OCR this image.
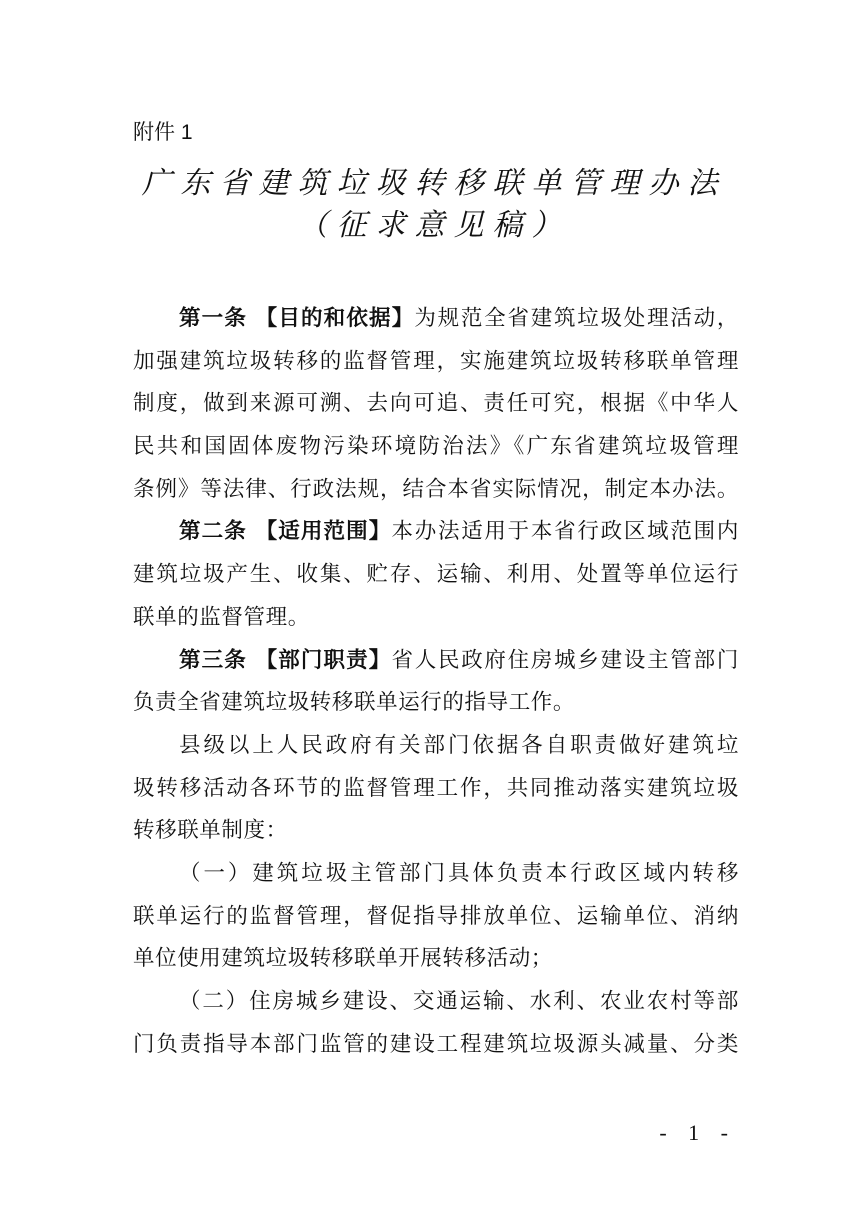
附件 1
广东省建筑垃圾转移联单管理办法
（征求意见稿）
第一条 【目的和依据】为规范全省建筑垃圾处理活动，
加强建筑垃圾转移的监督管理，实施建筑垃圾转移联单管理
制度，做到来源可溯、去向可追、责任可究，根据《中华人
民共和国固体废物污染环境防治法》《广东省建筑垃圾管理
条例》等法律、行政法规，结合本省实际情况，制定本办法。
第二条 【适用范围】本办法适用于本省行政区域范围内
建筑垃圾产生、收集、贮存、运输、利用、处置等单位运行
联单的监督管理。
第三条 【部门职责】省人民政府住房城乡建设主管部门
负责全省建筑垃圾转移联单运行的指导工作。
县级以上人民政府有关部门依据各自职责做好建筑垃
圾转移活动各环节的监督管理工作，共同推动落实建筑垃圾
转移联单制度：
（一）建筑垃圾主管部门具体负责本行政区域内转移
联单运行的监督管理，督促指导排放单位、运输单位、消纳
单位使用建筑垃圾转移联单开展转移活动；
（二）住房城乡建设、交通运输、水利、农业农村等部
门负责指导本部门监管的建设工程建筑垃圾源头减量、分类
- 1 -
